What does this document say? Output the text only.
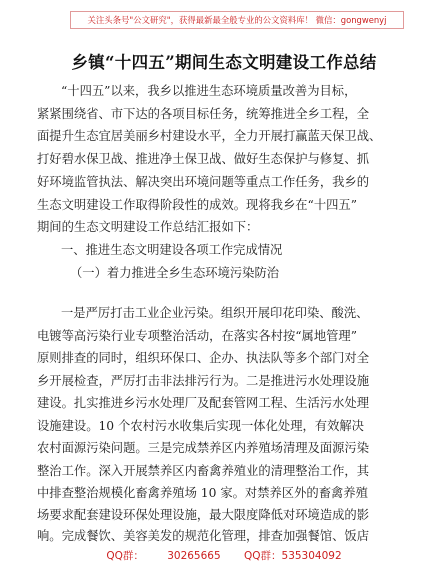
关注头条号"公文研究"，获得最新最全般专业的公文资料库！ 微信：gongwenyj
乡镇“十四五”期间生态文明建设工作总结
“十四五”以来，我乡以推进生态环境质量改善为目标，
紧紧围绕省、市下达的各项目标任务，统筹推进全乡工程，全
面提升生态宜居美丽乡村建设水平，全力开展打赢蓝天保卫战、
打好碧水保卫战、推进净土保卫战、做好生态保护与修复、抓
好环境监管执法、解决突出环境问题等重点工作任务，我乡的
生态文明建设工作取得阶段性的成效。现将我乡在“十四五”
期间的生态文明建设工作总结汇报如下：
一、推进生态文明建设各项工作完成情况
（一）着力推进全乡生态环境污染防治
一是严厉打击工业企业污染。组织开展印花印染、酸洗、
电镀等高污染行业专项整治活动，在落实各村按“属地管理”
原则排查的同时，组织环保口、企办、执法队等多个部门对全
乡开展检查，严厉打击非法排污行为。二是推进污水处理设施
建设。扎实推进乡污水处理厂及配套管网工程、生活污水处理
设施建设。10 个农村污水收集后实现一体化处理，有效解决
农村面源污染问题。三是完成禁养区内养殖场清理及面源污染
整治工作。深入开展禁养区内畜禽养殖业的清理整治工作，其
中排查整治规模化畜禽养殖场 10 家。对禁养区外的畜禽养殖
场要求配套建设环保处理设施，最大限度降低对环境造成的影
响。完成餐饮、美容美发的规范化管理，排查加强餐馆、饭店
QQ群： 30265665 QQ群：535304092
